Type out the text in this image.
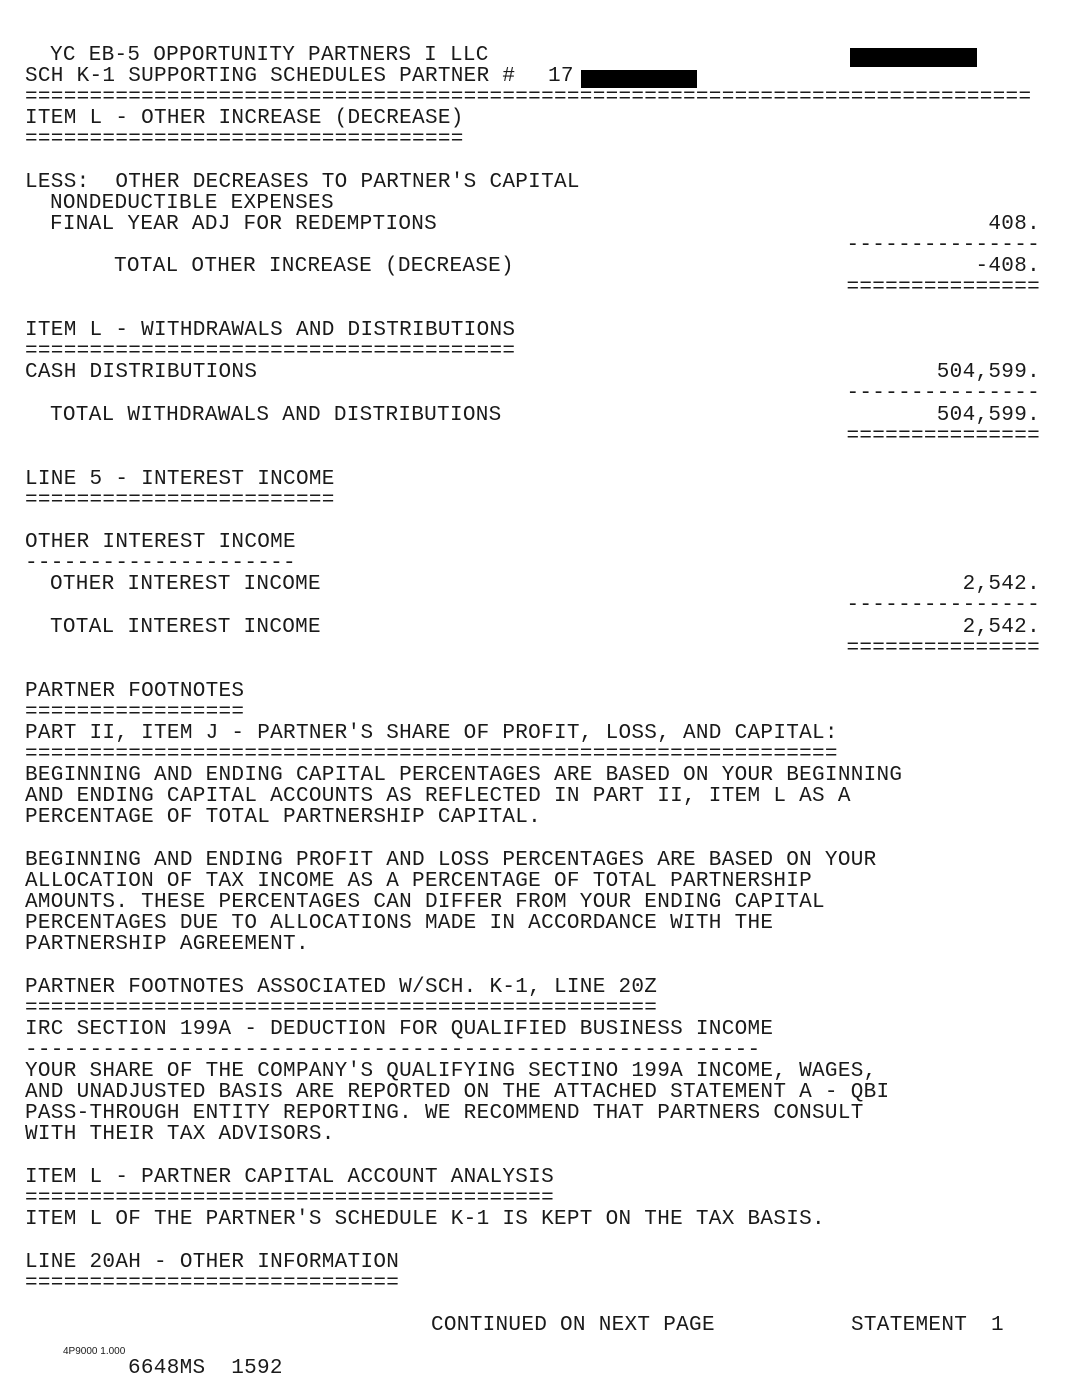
YC EB-5 OPPORTUNITY PARTNERS I LLC
SCH K-1 SUPPORTING SCHEDULES PARTNER # 17
==============================================================================
ITEM L - OTHER INCREASE (DECREASE)
==================================
LESS:  OTHER DECREASES TO PARTNER'S CAPITAL
NONDEDUCTIBLE EXPENSES
FINAL YEAR ADJ FOR REDEMPTIONS	408.
---------------
TOTAL OTHER INCREASE (DECREASE)	-408.
===============
ITEM L - WITHDRAWALS AND DISTRIBUTIONS
======================================
CASH DISTRIBUTIONS	504,599.
---------------
TOTAL WITHDRAWALS AND DISTRIBUTIONS	504,599.
===============
LINE 5 - INTEREST INCOME
========================
OTHER INTEREST INCOME
---------------------
OTHER INTEREST INCOME	2,542.
---------------
TOTAL INTEREST INCOME	2,542.
===============
PARTNER FOOTNOTES
=================
PART II, ITEM J - PARTNER'S SHARE OF PROFIT, LOSS, AND CAPITAL:
===============================================================
BEGINNING AND ENDING CAPITAL PERCENTAGES ARE BASED ON YOUR BEGINNING
AND ENDING CAPITAL ACCOUNTS AS REFLECTED IN PART II, ITEM L AS A
PERCENTAGE OF TOTAL PARTNERSHIP CAPITAL.
BEGINNING AND ENDING PROFIT AND LOSS PERCENTAGES ARE BASED ON YOUR
ALLOCATION OF TAX INCOME AS A PERCENTAGE OF TOTAL PARTNERSHIP
AMOUNTS. THESE PERCENTAGES CAN DIFFER FROM YOUR ENDING CAPITAL
PERCENTAGES DUE TO ALLOCATIONS MADE IN ACCORDANCE WITH THE
PARTNERSHIP AGREEMENT.
PARTNER FOOTNOTES ASSOCIATED W/SCH. K-1, LINE 20Z
=================================================
IRC SECTION 199A - DEDUCTION FOR QUALIFIED BUSINESS INCOME
---------------------------------------------------------
YOUR SHARE OF THE COMPANY'S QUALIFYING SECTINO 199A INCOME, WAGES,
AND UNADJUSTED BASIS ARE REPORTED ON THE ATTACHED STATEMENT A - QBI
PASS-THROUGH ENTITY REPORTING. WE RECOMMEND THAT PARTNERS CONSULT
WITH THEIR TAX ADVISORS.
ITEM L - PARTNER CAPITAL ACCOUNT ANALYSIS
=========================================
ITEM L OF THE PARTNER'S SCHEDULE K-1 IS KEPT ON THE TAX BASIS.
LINE 20AH - OTHER INFORMATION
=============================
CONTINUED ON NEXT PAGE	STATEMENT 1
4P9000 1.000
6648MS  1592
